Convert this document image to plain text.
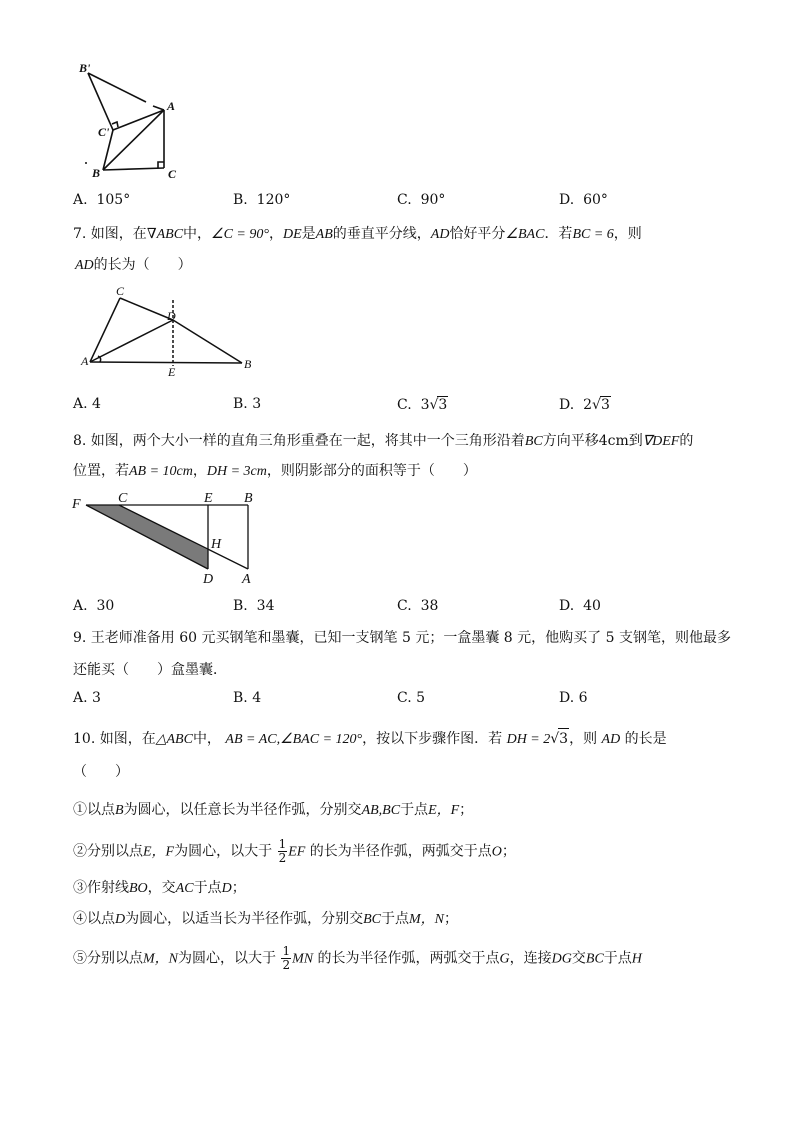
B'
A
C'
B	C
A. 105°	B. 120°	C. 90°	D. 60°
7. 如图，在∇ABC中，∠C = 90°，DE是AB的垂直平分线，AD恰好平分∠BAC．若BC = 6，则
AD的长为（　　）
C
D
A
E
B
A. 4	B. 3	C. 3√3	D. 2√3
8. 如图，两个大小一样的直角三角形重叠在一起，将其中一个三角形沿着BC方向平移4cm到∇DEF的
位置，若AB = 10cm，DH = 3cm，则阴影部分的面积等于（　　）
F	C	E B
H
D A
A. 30	B. 34	C. 38	D. 40
9. 王老师准备用 60 元买钢笔和墨囊，已知一支钢笔 5 元；一盒墨囊 8 元，他购买了 5 支钢笔，则他最多
还能买（　　）盒墨囊．
A. 3	B. 4	C. 5	D. 6
10. 如图，在△ABC中， AB = AC,∠BAC = 120°，按以下步骤作图．若 DH = 2√3，则 AD 的长是
（　　）
①以点B为圆心，以任意长为半径作弧，分别交AB,BC于点E，F；
②分别以点E，F为圆心，以大于 $\frac{1}{2}$ EF 的长为半径作弧，两弧交于点O；
③作射线BO，交AC于点D；
④以点D为圆心，以适当长为半径作弧，分别交BC于点M，N；
⑤分别以点M，N为圆心，以大于 $\frac{1}{2}$ MN 的长为半径作弧，两弧交于点G，连接DG交BC于点H
